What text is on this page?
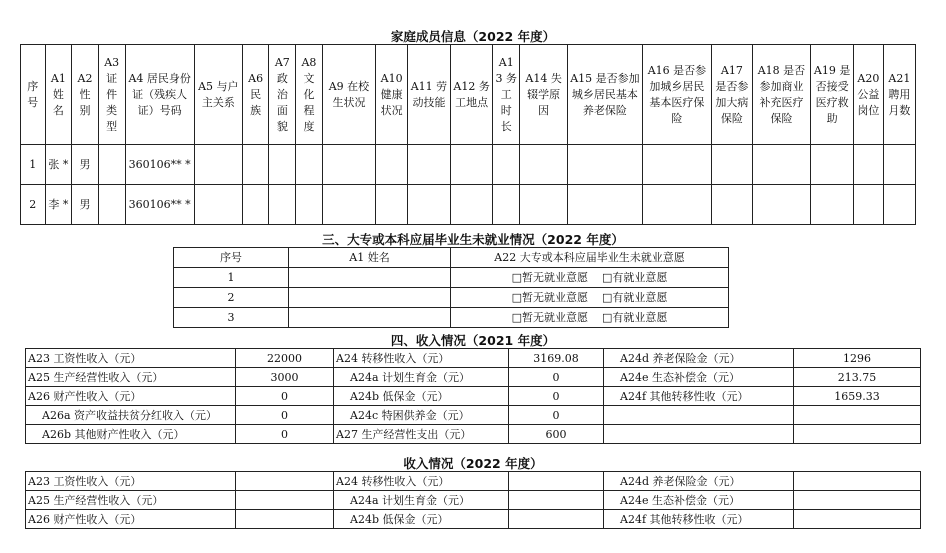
家庭成员信息（2022 年度）
序号	A1 姓名	A2 性别	A3 证件类型	A4 居民身份证（残疾人证）号码	A5 与户主关系	A6 民族	A7 政治面貌	A8 文化程度	A9 在校生状况	A10 健康状况	A11 劳动技能	A12 务工地点	A13 务工时长	A14 失辍学原因	A15 是否参加城乡居民基本养老保险	A16 是否参加城乡居民基本医疗保险	A17 是否参加大病保险	A18 是否参加商业补充医疗保险	A19 是否接受医疗救助	A20 公益岗位	A21 聘用月数
1	张 *	男		360106** *																	
2	李 *	男		360106** *																	
三、大专或本科应届毕业生未就业情况（2022 年度）
序号	A1 姓名	A22 大专或本科应届毕业生未就业意愿
1		□暂无就业意愿 □有就业意愿
2		□暂无就业意愿 □有就业意愿
3		□暂无就业意愿 □有就业意愿
四、收入情况（2021 年度）
A23 工资性收入（元）	22000	A24 转移性收入（元）	3169.08	A24d 养老保险金（元）	1296
A25 生产经营性收入（元）	3000	A24a 计划生育金（元）	0	A24e 生态补偿金（元）	213.75
A26 财产性收入（元）	0	A24b 低保金（元）	0	A24f 其他转移性收（元）	1659.33
A26a 资产收益扶贫分红收入（元）	0	A24c 特困供养金（元）	0		
A26b 其他财产性收入（元）	0	A27 生产经营性支出（元）	600		
收入情况（2022 年度）
A23 工资性收入（元）		A24 转移性收入（元）		A24d 养老保险金（元）	
A25 生产经营性收入（元）		A24a 计划生育金（元）		A24e 生态补偿金（元）	
A26 财产性收入（元）		A24b 低保金（元）		A24f 其他转移性收（元）	
